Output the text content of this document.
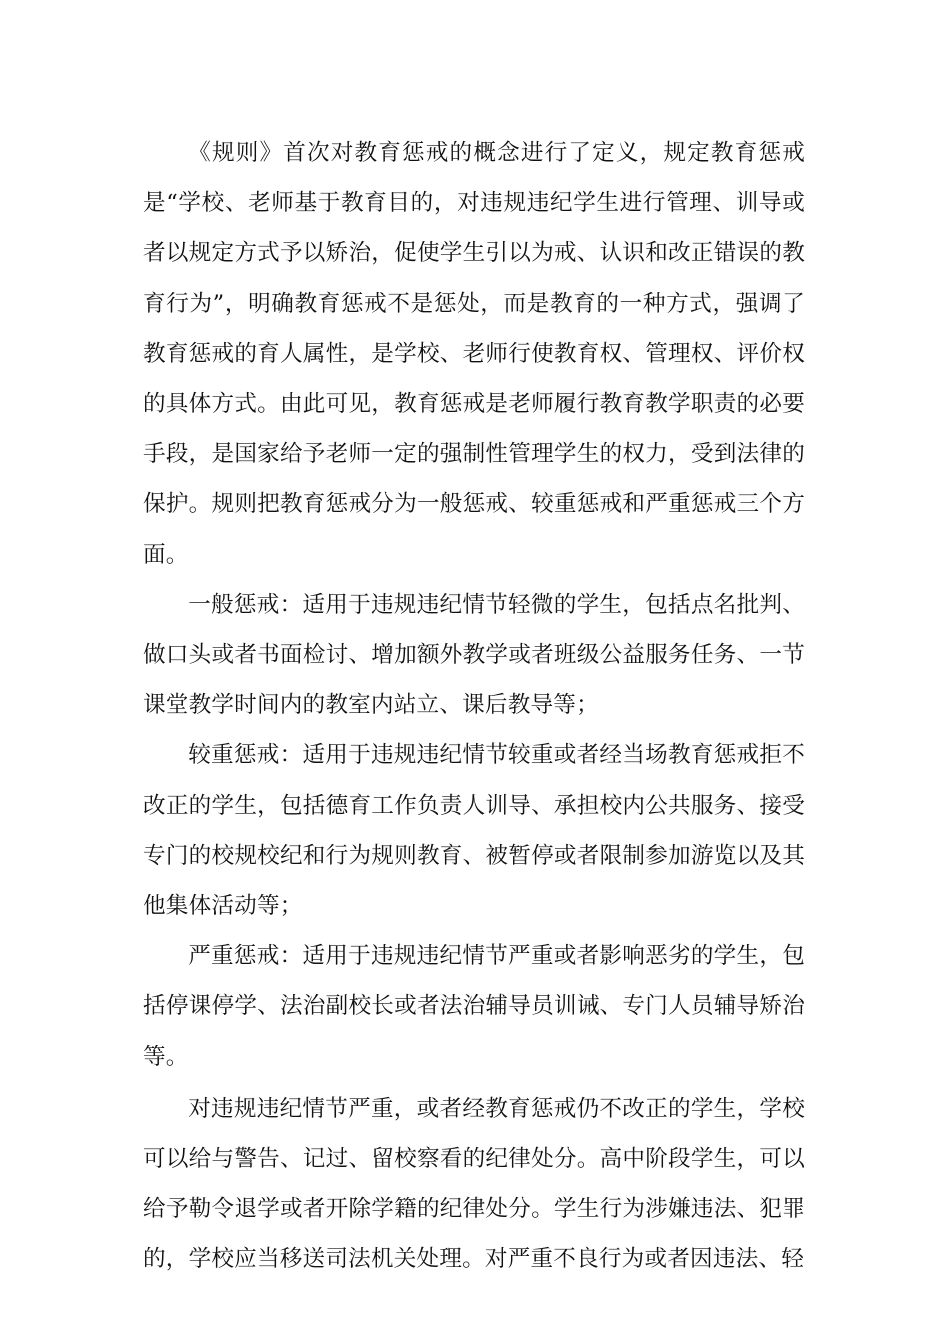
《规则》首次对教育惩戒的概念进行了定义，规定教育惩戒是“学校、老师基于教育目的，对违规违纪学生进行管理、训导或者以规定方式予以矫治，促使学生引以为戒、认识和改正错误的教育行为”，明确教育惩戒不是惩处，而是教育的一种方式，强调了教育惩戒的育人属性，是学校、老师行使教育权、管理权、评价权的具体方式。由此可见，教育惩戒是老师履行教育教学职责的必要手段，是国家给予老师一定的强制性管理学生的权力，受到法律的保护。规则把教育惩戒分为一般惩戒、较重惩戒和严重惩戒三个方面。

一般惩戒：适用于违规违纪情节轻微的学生，包括点名批判、做口头或者书面检讨、增加额外教学或者班级公益服务任务、一节课堂教学时间内的教室内站立、课后教导等；

较重惩戒：适用于违规违纪情节较重或者经当场教育惩戒拒不改正的学生，包括德育工作负责人训导、承担校内公共服务、接受专门的校规校纪和行为规则教育、被暂停或者限制参加游览以及其他集体活动等；

严重惩戒：适用于违规违纪情节严重或者影响恶劣的学生，包括停课停学、法治副校长或者法治辅导员训诫、专门人员辅导矫治等。

对违规违纪情节严重，或者经教育惩戒仍不改正的学生，学校可以给与警告、记过、留校察看的纪律处分。高中阶段学生，可以给予勒令退学或者开除学籍的纪律处分。学生行为涉嫌违法、犯罪的，学校应当移送司法机关处理。对严重不良行为或者因违法、轻
